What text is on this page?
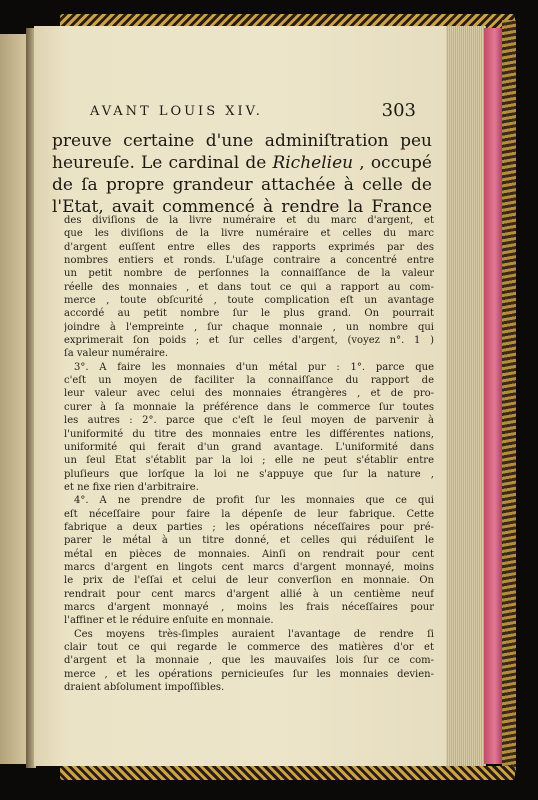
AVANT LOUIS XIV.	303
preuve certaine d'une adminiſtration peu
heureuſe. Le cardinal de Richelieu , occupé
de ſa propre grandeur attachée à celle de
l'Etat, avait commencé à rendre la France
des diviſions de la livre numéraire et du marc d'argent, et
que les diviſions de la livre numéraire et celles du marc
d'argent euſſent entre elles des rapports exprimés par des
nombres entiers et ronds. L'uſage contraire a concentré entre
un petit nombre de perſonnes la connaiſſance de la valeur
réelle des monnaies , et dans tout ce qui a rapport au com-
merce , toute obſcurité , toute complication eſt un avantage
accordé au petit nombre ſur le plus grand. On pourrait
joindre à l'empreinte , ſur chaque monnaie , un nombre qui
exprimerait ſon poids ; et ſur celles d'argent, (voyez n°. 1 )
ſa valeur numéraire.
3°. A faire les monnaies d'un métal pur : 1°. parce que
c'eſt un moyen de faciliter la connaiſſance du rapport de
leur valeur avec celui des monnaies étrangères , et de pro-
curer à ſa monnaie la préférence dans le commerce ſur toutes
les autres : 2°. parce que c'eſt le ſeul moyen de parvenir à
l'uniformité du titre des monnaies entre les différentes nations,
uniformité qui ferait d'un grand avantage. L'uniformité dans
un ſeul Etat s'établit par la loi ; elle ne peut s'établir entre
pluſieurs que lorſque la loi ne s'appuye que ſur la nature ,
et ne fixe rien d'arbitraire.
4°. A ne prendre de profit ſur les monnaies que ce qui
eſt néceſſaire pour faire la dépenſe de leur fabrique. Cette
fabrique a deux parties ; les opérations néceſſaires pour pré-
parer le métal à un titre donné, et celles qui réduiſent le
métal en pièces de monnaies. Ainſi on rendrait pour cent
marcs d'argent en lingots cent marcs d'argent monnayé, moins
le prix de l'eſſai et celui de leur converſion en monnaie. On
rendrait pour cent marcs d'argent allié à un centième neuf
marcs d'argent monnayé , moins les frais néceſſaires pour
l'affiner et le réduire enſuite en monnaie.
Ces moyens très-ſimples auraient l'avantage de rendre ſi
clair tout ce qui regarde le commerce des matières d'or et
d'argent et la monnaie , que les mauvaiſes lois ſur ce com-
merce , et les opérations pernicieuſes ſur les monnaies devien-
draient abſolument impoſſibles.
